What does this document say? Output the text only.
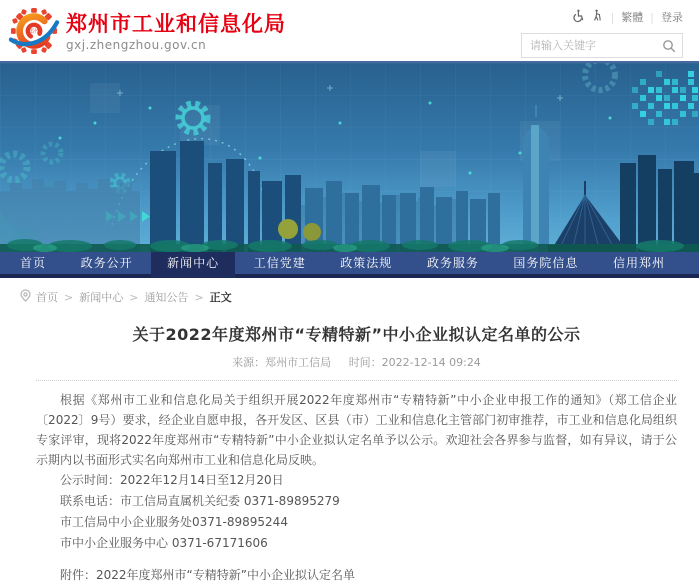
郑州 郑州市工业和信息化局
gxj.zhengzhou.gov.cn
| 繁體 | 登录
请输入关键字
首页	政务公开	新闻中心	工信党建	政策法规	政务服务	国务院信息	信用郑州
首页 > 新闻中心 > 通知公告 > 正文
关于2022年度郑州市“专精特新”中小企业拟认定名单的公示
来源：郑州市工信局 时间：2022-12-14 09:24

根据《郑州市工业和信息化局关于组织开展2022年度郑州市“专精特新”中小企业申报工作的通知》（郑工信企业〔2022〕9号）要求，经企业自愿申报，各开发区、区县（市）工业和信息化主管部门初审推荐，市工业和信息化局组织专家评审，现将2022年度郑州市“专精特新”中小企业拟认定名单予以公示。欢迎社会各界参与监督，如有异议，请于公示期内以书面形式实名向郑州市工业和信息化局反映。

公示时间：2022年12月14日至12月20日

联系电话：市工信局直属机关纪委 0371-89895279

市工信局中小企业服务处0371-89895244

市中小企业服务中心 0371-67171606

附件：2022年度郑州市“专精特新”中小企业拟认定名单
